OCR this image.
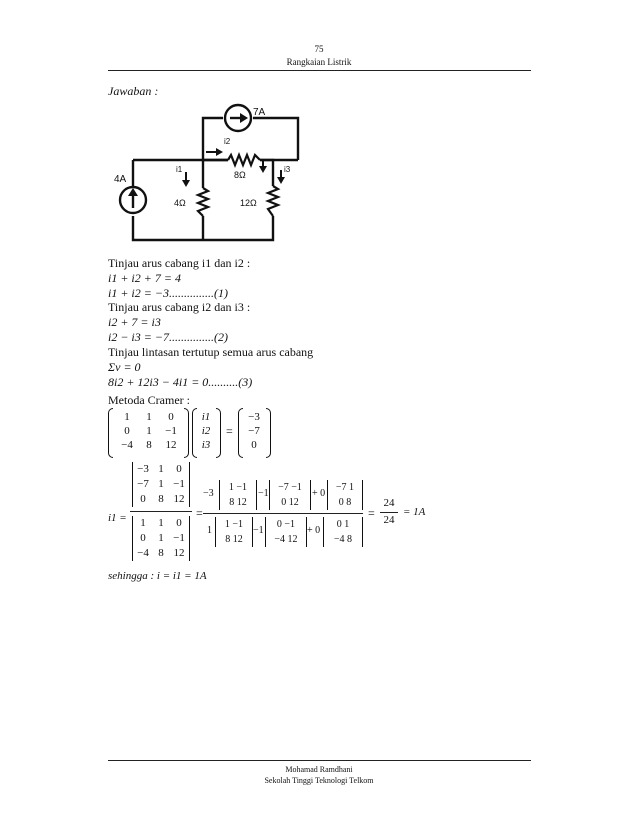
75
Rangkaian Listrik
Jawaban :
7A
4A
i1
i2
i3
8Ω
4Ω	12Ω
Tinjau arus cabang i1 dan i2 :
i1 + i2 + 7 = 4
i1 + i2 = −3...............(1)
Tinjau arus cabang i2 dan i3 :
i2 + 7 = i3
i2 − i3 = −7...............(2)
Tinjau lintasan tertutup semua arus cabang
Σv = 0
8i2 + 12i3 − 4i1 = 0..........(3)
Metoda Cramer :
1 1 0
0 1 −1
−4 8 12
i1
i2
i3
=
−3
−7
0
i1 =
−3 1 0
−7 1 −1
0 8 12
1 1 0
0 1 −1
−4 8 12
=
−3
1 −1
8 12
−1
−7 −1
0 12
+ 0
−7 1
0 8
1
1 −1
8 12
−1
0 −1
−4 12
+ 0
0 1
−4 8
=
24
24
= 1A
sehingga : i = i1 = 1A
Mohamad Ramdhani
Sekolah Tinggi Teknologi Telkom
